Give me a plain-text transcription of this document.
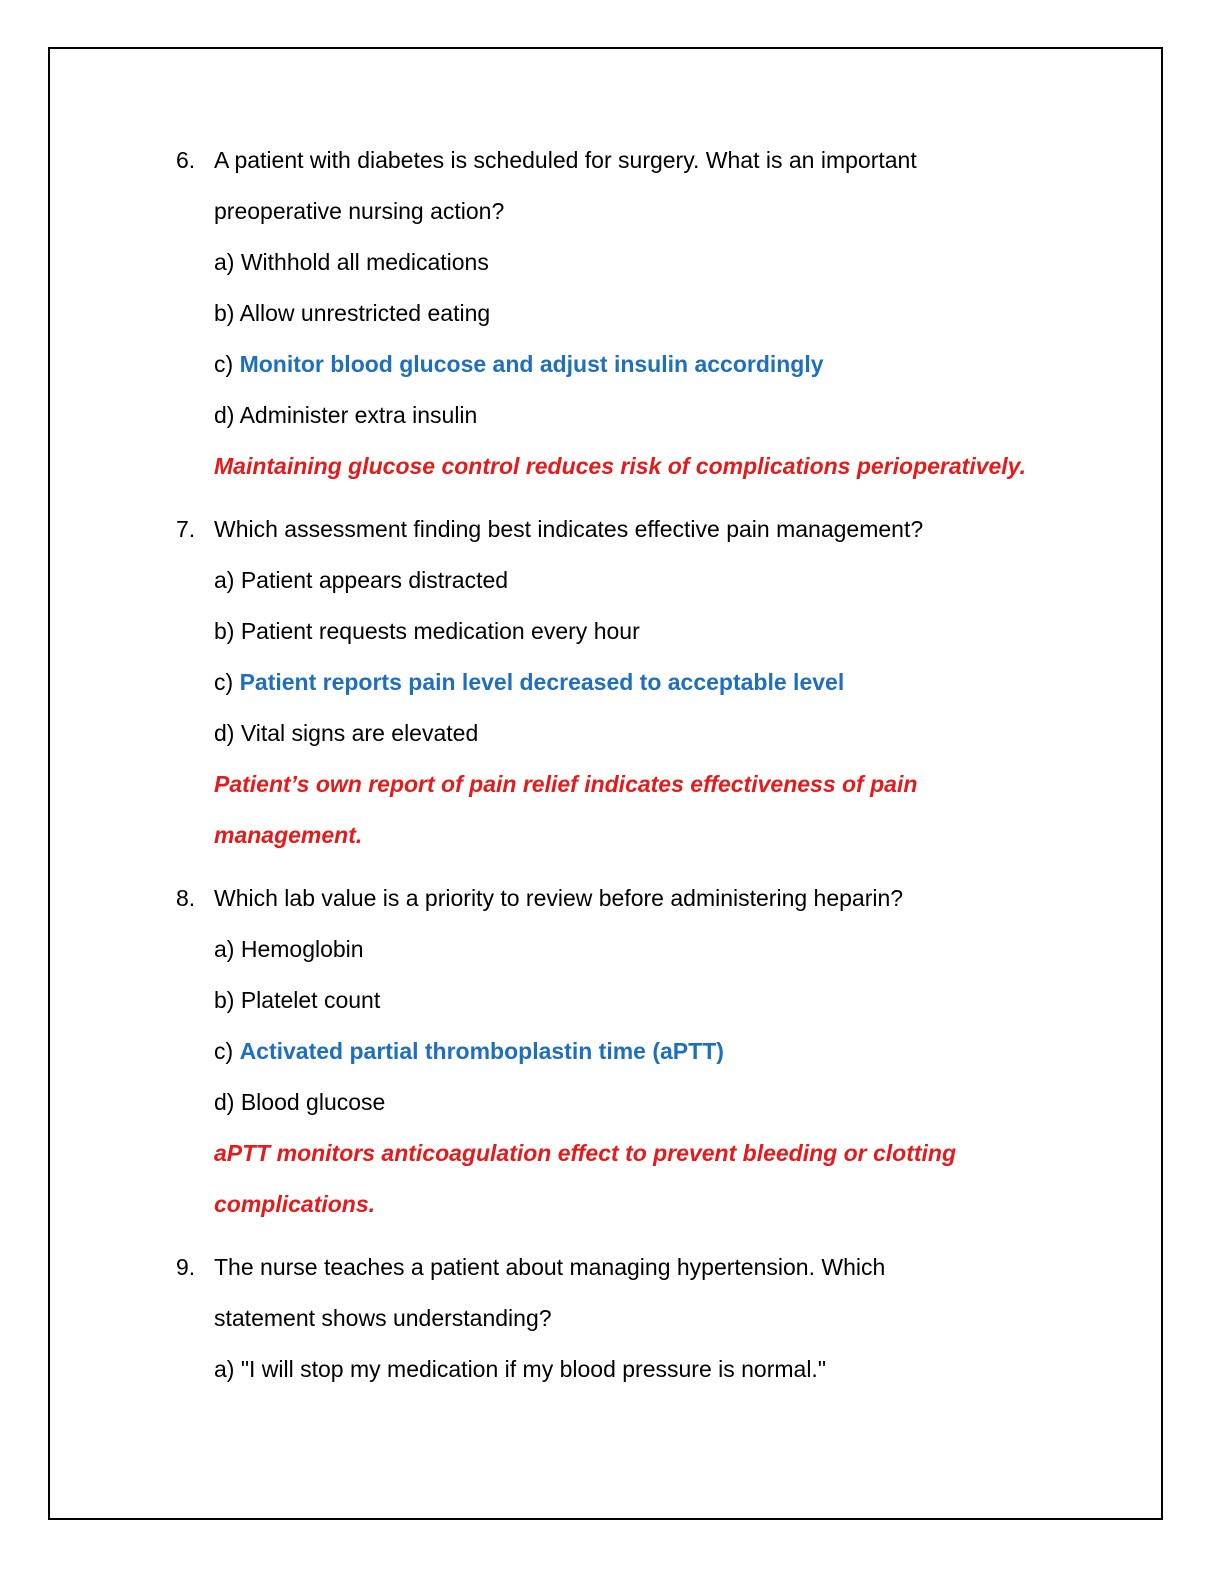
6. A patient with diabetes is scheduled for surgery. What is an important

preoperative nursing action?

a) Withhold all medications

b) Allow unrestricted eating

c) Monitor blood glucose and adjust insulin accordingly

d) Administer extra insulin

Maintaining glucose control reduces risk of complications perioperatively.

7. Which assessment finding best indicates effective pain management?

a) Patient appears distracted

b) Patient requests medication every hour

c) Patient reports pain level decreased to acceptable level

d) Vital signs are elevated

Patient’s own report of pain relief indicates effectiveness of pain

management.

8. Which lab value is a priority to review before administering heparin?

a) Hemoglobin

b) Platelet count

c) Activated partial thromboplastin time (aPTT)

d) Blood glucose

aPTT monitors anticoagulation effect to prevent bleeding or clotting

complications.

9. The nurse teaches a patient about managing hypertension. Which

statement shows understanding?

a) "I will stop my medication if my blood pressure is normal."
